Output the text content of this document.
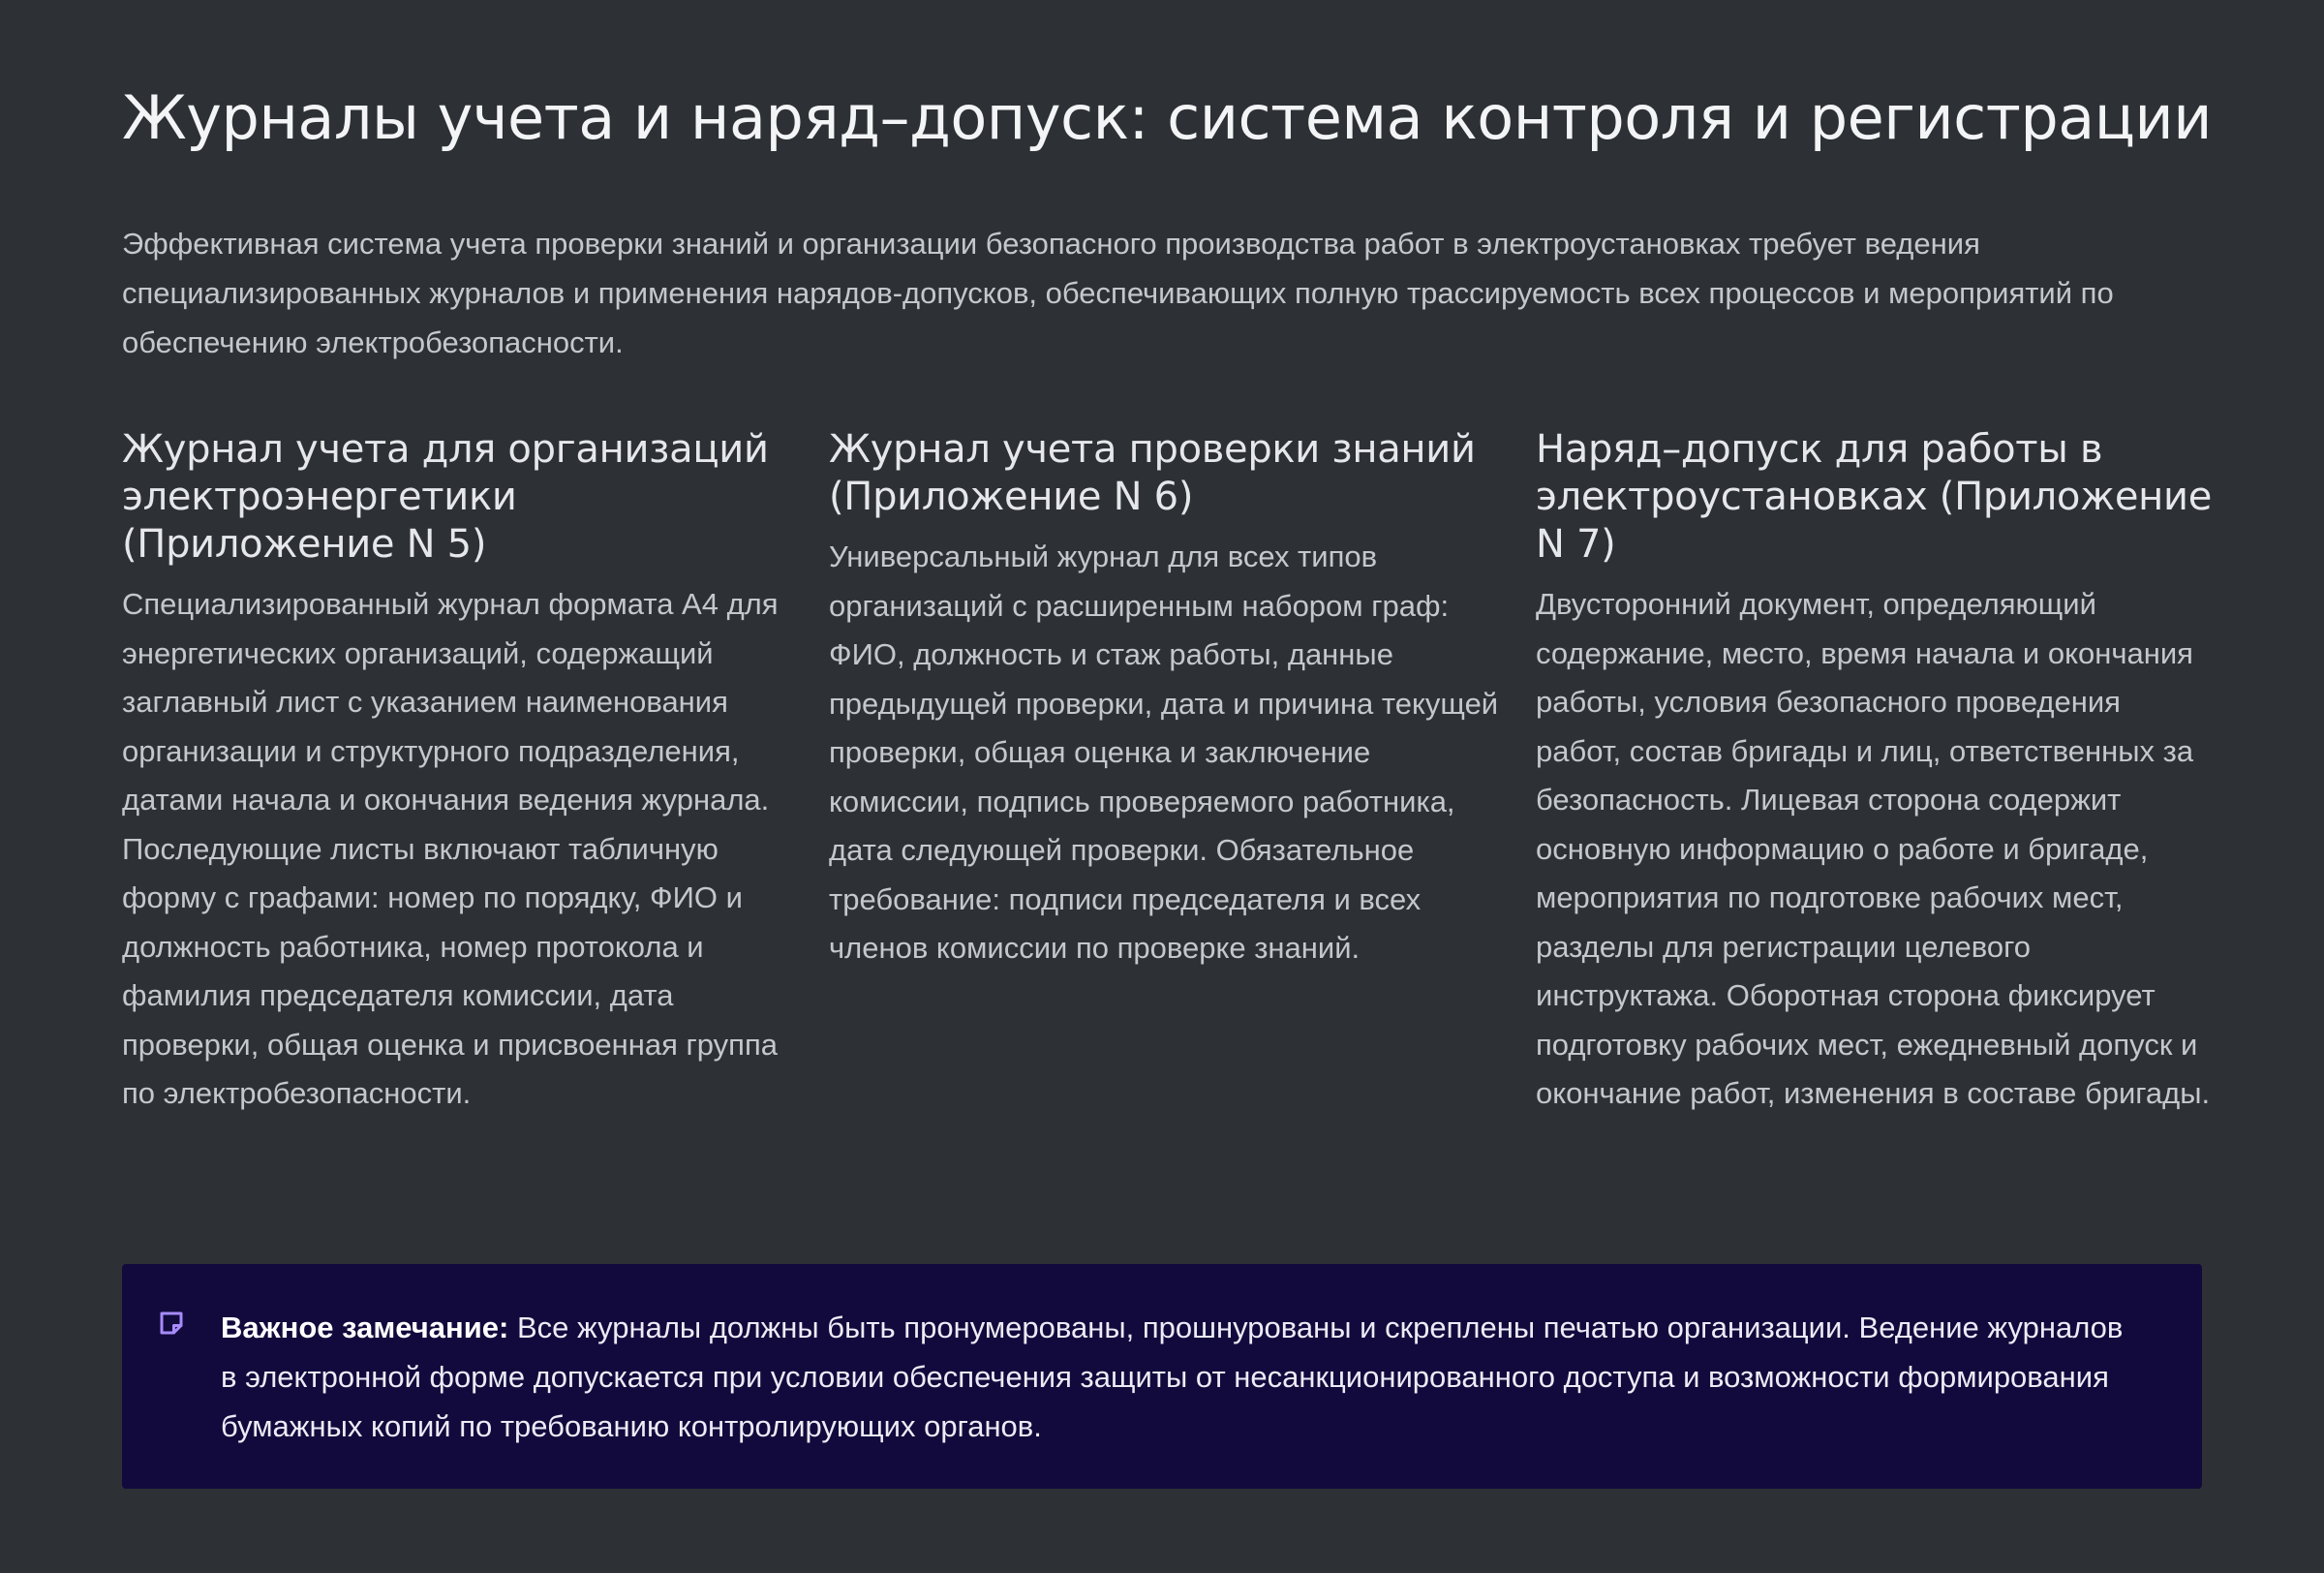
Журналы учета и наряд–допуск: система контроля и регистрации

Эффективная система учета проверки знаний и организации безопасного производства работ в электроустановках требует ведения специализированных журналов и применения нарядов-допусков, обеспечивающих полную трассируемость всех процессов и мероприятий по обеспечению электробезопасности.

Журнал учета для организаций электроэнергетики (Приложение N 5)

Специализированный журнал формата А4 для энергетических организаций, содержащий заглавный лист с указанием наименования организации и структурного подразделения, датами начала и окончания ведения журнала. Последующие листы включают табличную форму с графами: номер по порядку, ФИО и должность работника, номер протокола и фамилия председателя комиссии, дата проверки, общая оценка и присвоенная группа по электробезопасности.

Журнал учета проверки знаний (Приложение N 6)

Универсальный журнал для всех типов организаций с расширенным набором граф: ФИО, должность и стаж работы, данные предыдущей проверки, дата и причина текущей проверки, общая оценка и заключение комиссии, подпись проверяемого работника, дата следующей проверки. Обязательное требование: подписи председателя и всех членов комиссии по проверке знаний.

Наряд–допуск для работы в электроустановках (Приложение N 7)

Двусторонний документ, определяющий содержание, место, время начала и окончания работы, условия безопасного проведения работ, состав бригады и лиц, ответственных за безопасность. Лицевая сторона содержит основную информацию о работе и бригаде, мероприятия по подготовке рабочих мест, разделы для регистрации целевого инструктажа. Оборотная сторона фиксирует подготовку рабочих мест, ежедневный допуск и окончание работ, изменения в составе бригады.

Важное замечание: Все журналы должны быть пронумерованы, прошнурованы и скреплены печатью организации. Ведение журналов в электронной форме допускается при условии обеспечения защиты от несанкционированного доступа и возможности формирования бумажных копий по требованию контролирующих органов.
